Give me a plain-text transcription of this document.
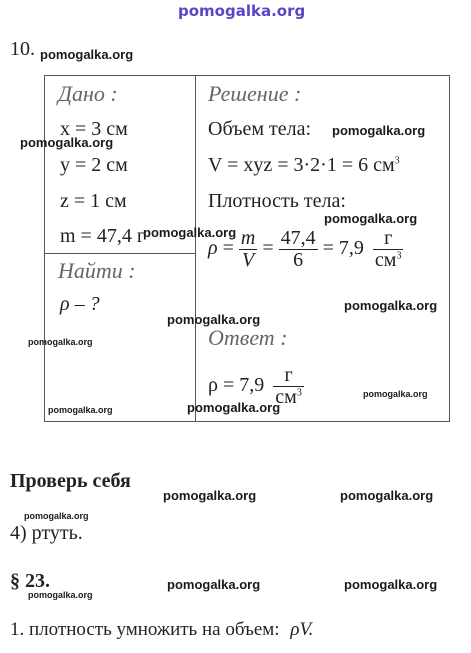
pomogalka.org
10. pomogalka.org

Дано :
x = 3 см
y = 2 см
z = 1 см
m = 47,4 г
Найти :
ρ – ?
Решение :
Объем тела:
V = xyz = 3·2·1 = 6 $см^3$
Плотность тела:
$\rho = \frac{m}{V} = \frac{47,4}{6} = 7,9 \frac{г}{см^3}$
Ответ :
$\rho = 7,9 \frac{г}{см^3}$
pomogalka.org
pomogalka.org
pomogalka.org
pomogalka.org
pomogalka.org
pomogalka.org
pomogalka.org
pomogalka.org
pomogalka.org	pomogalka.org
Проверь себя
pomogalka.org	pomogalka.org
pomogalka.org
4) ртуть.
§ 23.	pomogalka.org	pomogalka.org
pomogalka.org
1. плотность умножить на объем: ρV.
